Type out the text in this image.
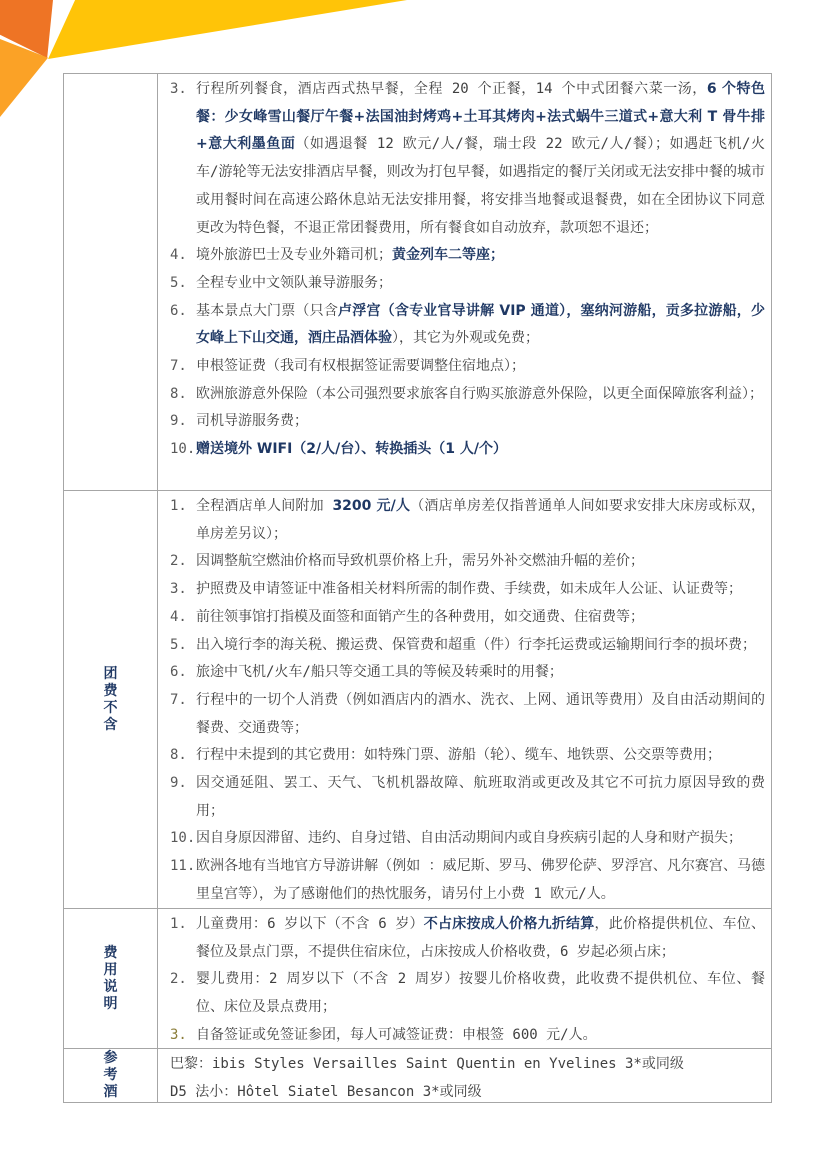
3. 行程所列餐食，酒店西式热早餐，全程 20 个正餐，14 个中式团餐六菜一汤，6 个特色餐：少女峰雪山餐厅午餐+法国油封烤鸡+土耳其烤肉+法式蜗牛三道式+意大利 T 骨牛排+意大利墨鱼面（如遇退餐 12 欧元/人/餐，瑞士段 22 欧元/人/餐）；如遇赶飞机/火车/游轮等无法安排酒店早餐，则改为打包早餐，如遇指定的餐厅关闭或无法安排中餐的城市或用餐时间在高速公路休息站无法安排用餐，将安排当地餐或退餐费，如在全团协议下同意更改为特色餐，不退正常团餐费用，所有餐食如自动放弃，款项恕不退还；
4. 境外旅游巴士及专业外籍司机；黄金列车二等座；
5. 全程专业中文领队兼导游服务；
6. 基本景点大门票（只含卢浮宫（含专业官导讲解 VIP 通道），塞纳河游船，贡多拉游船，少女峰上下山交通，酒庄品酒体验），其它为外观或免费；
7. 申根签证费（我司有权根据签证需要调整住宿地点）；
8. 欧洲旅游意外保险（本公司强烈要求旅客自行购买旅游意外保险，以更全面保障旅客利益）；
9. 司机导游服务费；
10. 赠送境外 WIFI（2/人/台）、转换插头（1 人/个）
团费不含
1. 全程酒店单人间附加 3200 元/人（酒店单房差仅指普通单人间如要求安排大床房或标双，单房差另议）；
2. 因调整航空燃油价格而导致机票价格上升，需另外补交燃油升幅的差价；
3. 护照费及申请签证中准备相关材料所需的制作费、手续费，如未成年人公证、认证费等；
4. 前往领事馆打指模及面签和面销产生的各种费用，如交通费、住宿费等；
5. 出入境行李的海关税、搬运费、保管费和超重（件）行李托运费或运输期间行李的损坏费；
6. 旅途中飞机/火车/船只等交通工具的等候及转乘时的用餐；
7. 行程中的一切个人消费（例如酒店内的酒水、洗衣、上网、通讯等费用）及自由活动期间的餐费、交通费等；
8. 行程中未提到的其它费用：如特殊门票、游船（轮）、缆车、地铁票、公交票等费用；
9. 因交通延阻、罢工、天气、飞机机器故障、航班取消或更改及其它不可抗力原因导致的费用；
10. 因自身原因滞留、违约、自身过错、自由活动期间内或自身疾病引起的人身和财产损失；
11. 欧洲各地有当地官方导游讲解（例如 ：威尼斯、罗马、佛罗伦萨、罗浮宫、凡尔赛宫、马德里皇宫等），为了感谢他们的热忱服务，请另付上小费 1 欧元/人。
费用说明
1. 儿童费用：6 岁以下（不含 6 岁）不占床按成人价格九折结算，此价格提供机位、车位、餐位及景点门票，不提供住宿床位，占床按成人价格收费，6 岁起必须占床；
2. 婴儿费用：2 周岁以下（不含 2 周岁）按婴儿价格收费，此收费不提供机位、车位、餐位、床位及景点费用；
3. 自备签证或免签证参团，每人可减签证费：申根签 600 元/人。
参考酒
巴黎：ibis Styles Versailles Saint Quentin en Yvelines 3*或同级
D5 法小：Hôtel Siatel Besancon 3*或同级
